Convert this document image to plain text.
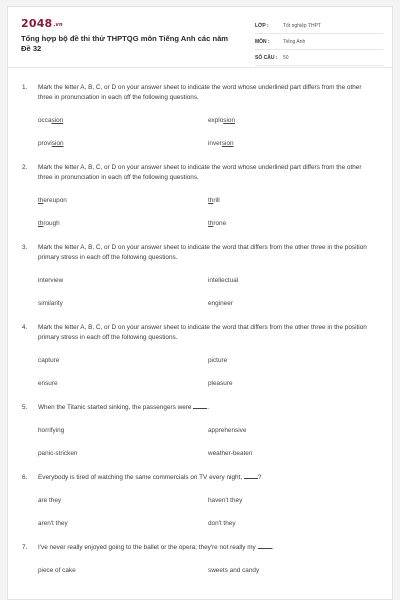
2048.vn
Tổng hợp bộ đề thi thử THPTQG môn Tiếng Anh các năm
Đề 32
LỚP :	Tốt nghiệp THPT
MÔN :	Tiếng Anh
SỐ CÂU :	50
1.	Mark the letter A, B, C, or D on your answer sheet to indicate the word whose underlined part differs from the other three in pronunciation in each off the following questions.
occasion	explosion
provision	inversion
2.	Mark the letter A, B, C, or D on your answer sheet to indicate the word whose underlined part differs from the other three in pronunciation in each off the following questions.
thereupon	thrill
through	throne
3.	Mark the letter A, B, C, or D on your answer sheet to indicate the word that differs from the other three in the position primary stress in each off the following questions.
interview	intellectual
similarity	engineer
4.	Mark the letter A, B, C, or D on your answer sheet to indicate the word that differs from the other three in the position primary stress in each off the following questions.
capture	picture
ensure	pleasure
5.	When the Titanic started sinking, the passengers were .
horrifying	apprehensive
panic-stricken	weather-beaten
6.	Everybody is tired of watching the same commercials on TV every night, ?
are they	haven't they
aren't they	don't they
7.	I've never really enjoyed going to the ballet or the opera; they're not really my .
piece of cake	sweets and candy
